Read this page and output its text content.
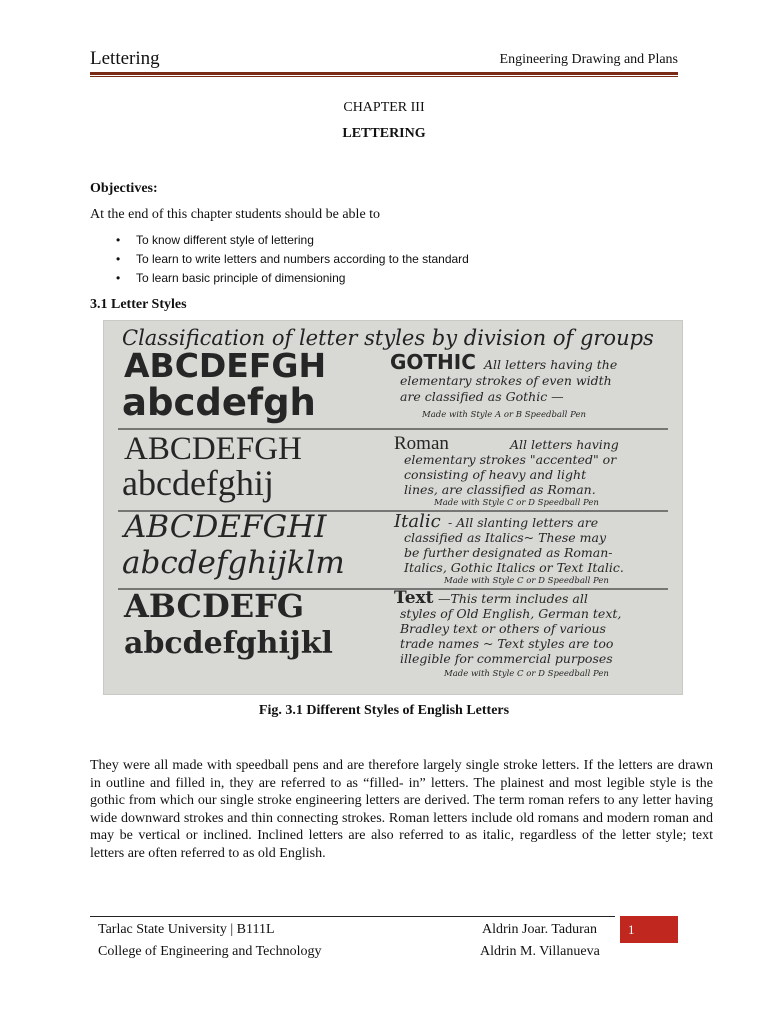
Lettering	Engineering Drawing and Plans
CHAPTER III
LETTERING
Objectives:
At the end of this chapter students should be able to
• To know different style of lettering
• To learn to write letters and numbers according to the standard
• To learn basic principle of dimensioning
3.1 Letter Styles
Classification of letter styles by division of groups
ABCDEFGH
abcdefgh
GOTHIC All letters having the
elementary strokes of even width
are classified as Gothic —
Made with Style A or B Speedball Pen
ABCDEFGH
abcdefghij
Roman	All letters having
elementary strokes "accented" or
consisting of heavy and light
lines, are classified as Roman.
Made with Style C or D Speedball Pen
ABCDEFGHI
abcdefghijklm
Italic - All slanting letters are
classified as Italics~ These may
be further designated as Roman-
Italics, Gothic Italics or Text Italic.
Made with Style C or D Speedball Pen
ABCDEFG
abcdefghijkl
Text —This term includes all
styles of Old English, German text,
Bradley text or others of various
trade names ~ Text styles are too
illegible for commercial purposes
Made with Style C or D Speedball Pen
Fig. 3.1 Different Styles of English Letters
They were all made with speedball pens and are therefore largely single stroke letters. If the letters are drawn in outline and filled in, they are referred to as “filled- in” letters. The plainest and most legible style is the gothic from which our single stroke engineering letters are derived. The term roman refers to any letter having wide downward strokes and thin connecting strokes. Roman letters include old romans and modern roman and may be vertical or inclined. Inclined letters are also referred to as italic, regardless of the letter style; text letters are often referred to as old English.
1
Tarlac State University | B111L
College of Engineering and Technology
Aldrin Joar. Taduran
Aldrin M. Villanueva
